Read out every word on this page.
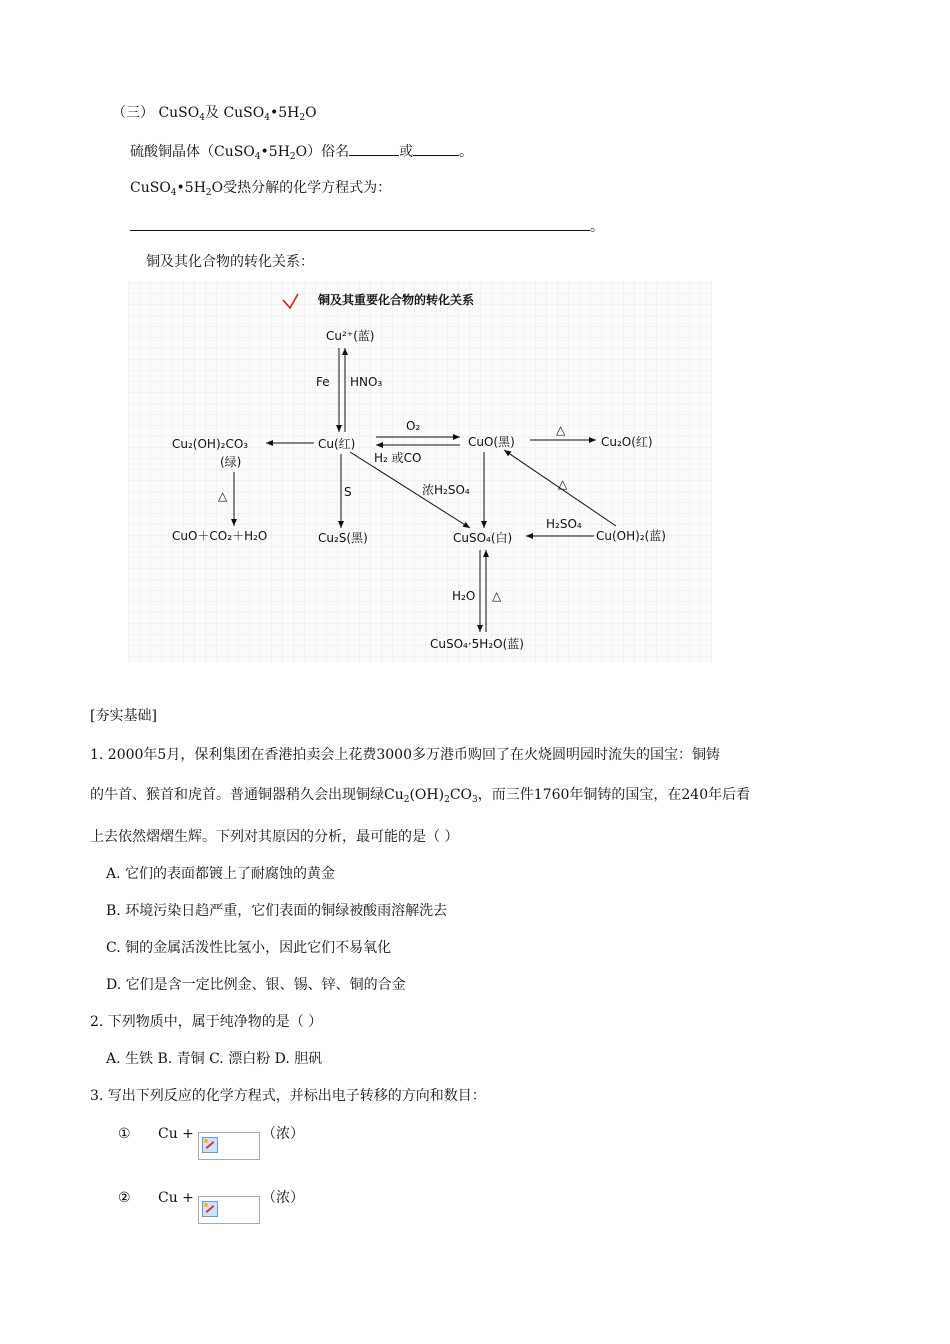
（三） CuSO$_4$及 $CuSO_4•5H_2O$
硫酸铜晶体$(CuSO_4•5H_2O)$俗名	或	。
$CuSO_4•5H_2O$受热分解的化学方程式为：
。
铜及其化合物的转化关系：
铜及其重要化合物的转化关系
Cu²⁺(蓝)
Cu(红)
Cu₂(OH)₂CO₃
(绿)
CuO(黑)	Cu₂O(红)
CuO＋CO₂＋H₂O	Cu₂S(黑)	CuSO₄(白)	Cu(OH)₂(蓝)
CuSO₄·5H₂O(蓝)
Fe HNO₃
△
O₂
H₂ 或CO
△
S	浓H₂SO₄	△
H₂SO₄
H₂O △
[夯实基础]
1. 2000年5月，保利集团在香港拍卖会上花费3000多万港币购回了在火烧圆明园时流失的国宝：铜铸
的牛首、猴首和虎首。普通铜器稍久会出现铜绿$Cu_2(OH)_2CO_3$，而三件1760年铜铸的国宝，在240年后看
上去依然熠熠生辉。下列对其原因的分析，最可能的是（ ）
A. 它们的表面都镀上了耐腐蚀的黄金
B. 环境污染日趋严重，它们表面的铜绿被酸雨溶解洗去
C. 铜的金属活泼性比氢小，因此它们不易氧化
D. 它们是含一定比例金、银、锡、锌、铜的合金
2. 下列物质中，属于纯净物的是（ ）
A. 生铁 B. 青铜 C. 漂白粉 D. 胆矾
3. 写出下列反应的化学方程式，并标出电子转移的方向和数目：
① Cu +	（浓）
② Cu +	（浓）
